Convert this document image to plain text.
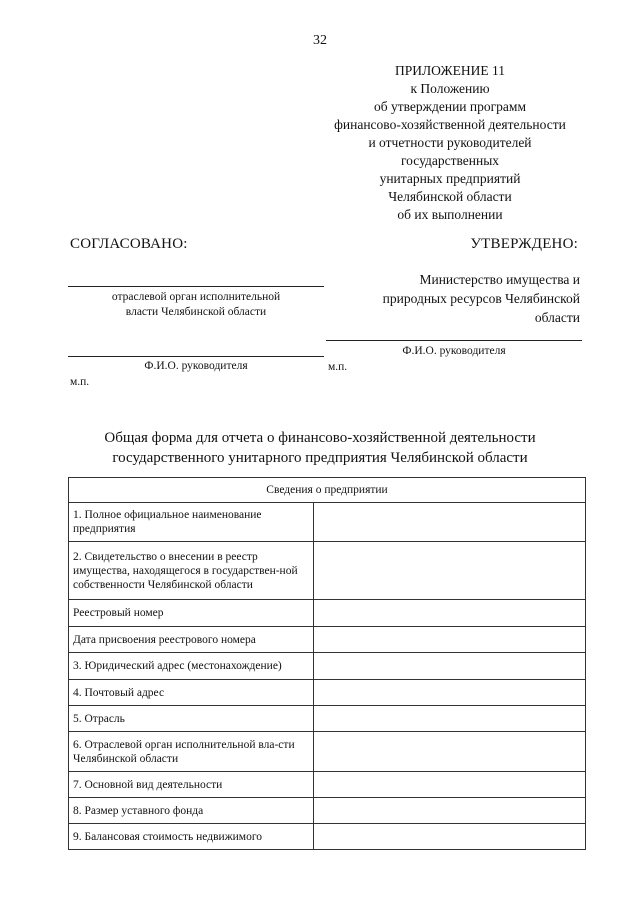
32
ПРИЛОЖЕНИЕ 11
к Положению
об утверждении программ
финансово-хозяйственной деятельности
и отчетности руководителей
государственных
унитарных предприятий
Челябинской области
об их выполнении
СОГЛАСОВАНО:	УТВЕРЖДЕНО:
Министерство имущества и
природных ресурсов Челябинской
области
отраслевой орган исполнительной
власти Челябинской области
Ф.И.О. руководителя
м.п.
Ф.И.О. руководителя
м.п.
Общая форма для отчета о финансово-хозяйственной деятельности
государственного унитарного предприятия Челябинской области
Сведения о предприятии	
1. Полное официальное наименование предприятия	
2. Свидетельство о внесении в реестр имущества, находящегося в государствен-ной собственности Челябинской области	
Реестровый номер	
Дата присвоения реестрового номера	
3. Юридический адрес (местонахождение)	
4. Почтовый адрес	
5. Отрасль	
6. Отраслевой орган исполнительной вла-сти Челябинской области	
7. Основной вид деятельности	
8. Размер уставного фонда	
9. Балансовая стоимость недвижимого	
